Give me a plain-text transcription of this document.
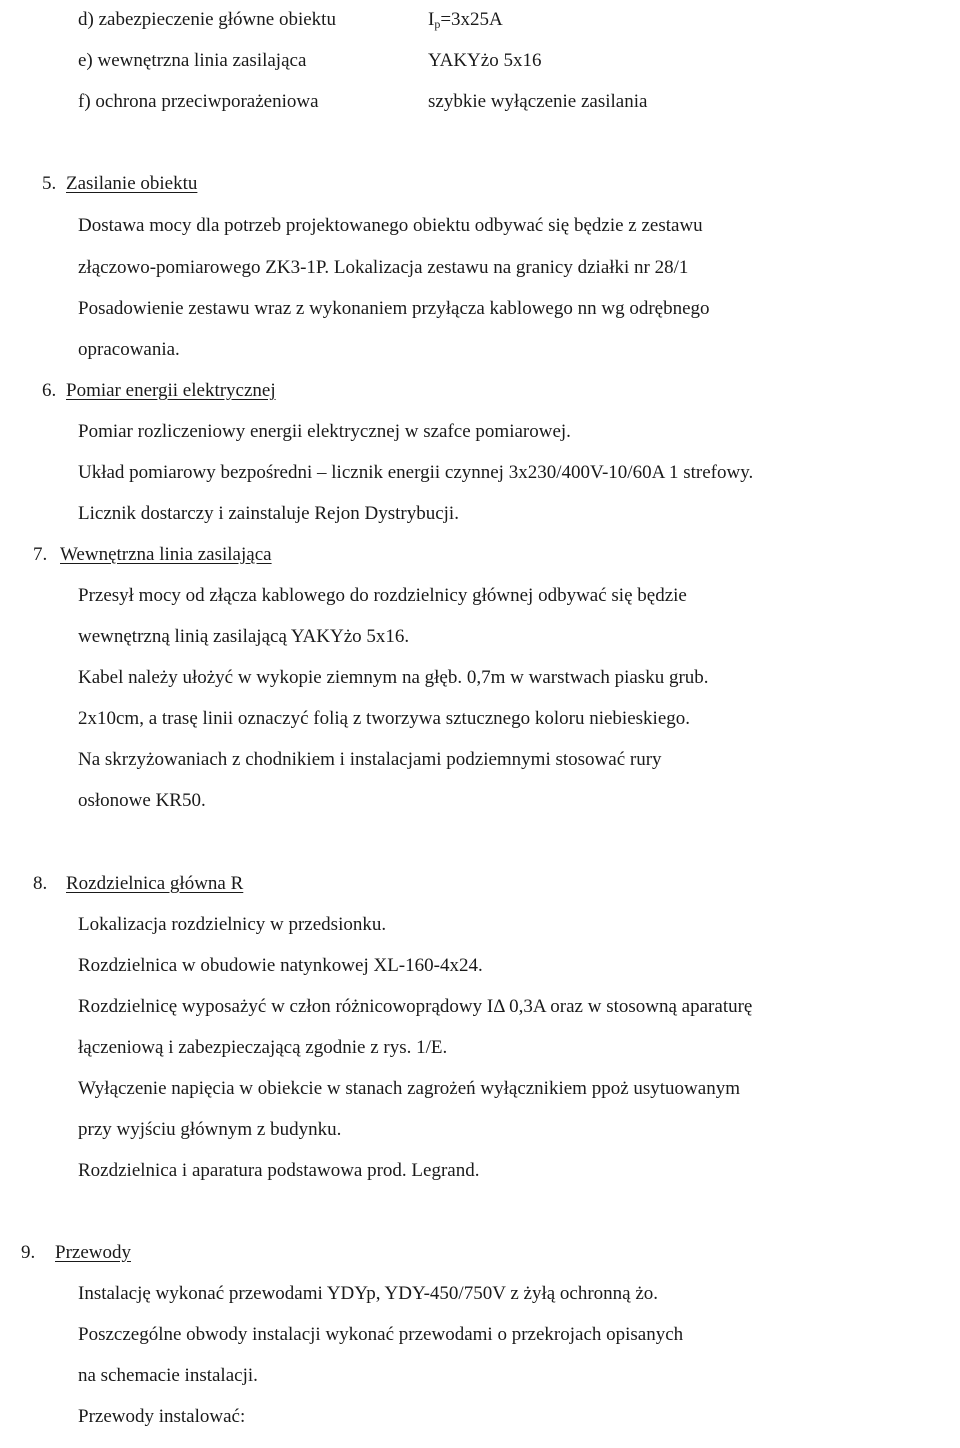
d) zabezpieczenie główne obiektu	$I_p=3x25A$
e) wewnętrzna linia zasilająca	YAKYżo 5x16
f) ochrona przeciwporażeniowa	szybkie wyłączenie zasilania
5. Zasilanie obiektu
Dostawa mocy dla potrzeb projektowanego obiektu odbywać się będzie z zestawu
złączowo-pomiarowego ZK3-1P. Lokalizacja zestawu na granicy działki nr 28/1
Posadowienie zestawu wraz z wykonaniem przyłącza kablowego nn wg odrębnego
opracowania.
6. Pomiar energii elektrycznej
Pomiar rozliczeniowy energii elektrycznej w szafce pomiarowej.
Układ pomiarowy bezpośredni – licznik energii czynnej 3x230/400V-10/60A 1 strefowy.
Licznik dostarczy i zainstaluje Rejon Dystrybucji.
7. Wewnętrzna linia zasilająca
Przesył mocy od złącza kablowego do rozdzielnicy głównej odbywać się będzie
wewnętrzną linią zasilającą YAKYżo 5x16.
Kabel należy ułożyć w wykopie ziemnym na głęb. 0,7m w warstwach piasku grub.
2x10cm, a trasę linii oznaczyć folią z tworzywa sztucznego koloru niebieskiego.
Na skrzyżowaniach z chodnikiem i instalacjami podziemnymi stosować rury
osłonowe KR50.
8. Rozdzielnica główna R
Lokalizacja rozdzielnicy w przedsionku.
Rozdzielnica w obudowie natynkowej XL-160-4x24.
Rozdzielnicę wyposażyć w człon różnicowoprądowy IΔ 0,3A oraz w stosowną aparaturę
łączeniową i zabezpieczającą zgodnie z rys. 1/E.
Wyłączenie napięcia w obiekcie w stanach zagrożeń wyłącznikiem ppoż usytuowanym
przy wyjściu głównym z budynku.
Rozdzielnica i aparatura podstawowa prod. Legrand.
9. Przewody
Instalację wykonać przewodami YDYp, YDY-450/750V z żyłą ochronną żo.
Poszczególne obwody instalacji wykonać przewodami o przekrojach opisanych
na schemacie instalacji.
Przewody instalować:
